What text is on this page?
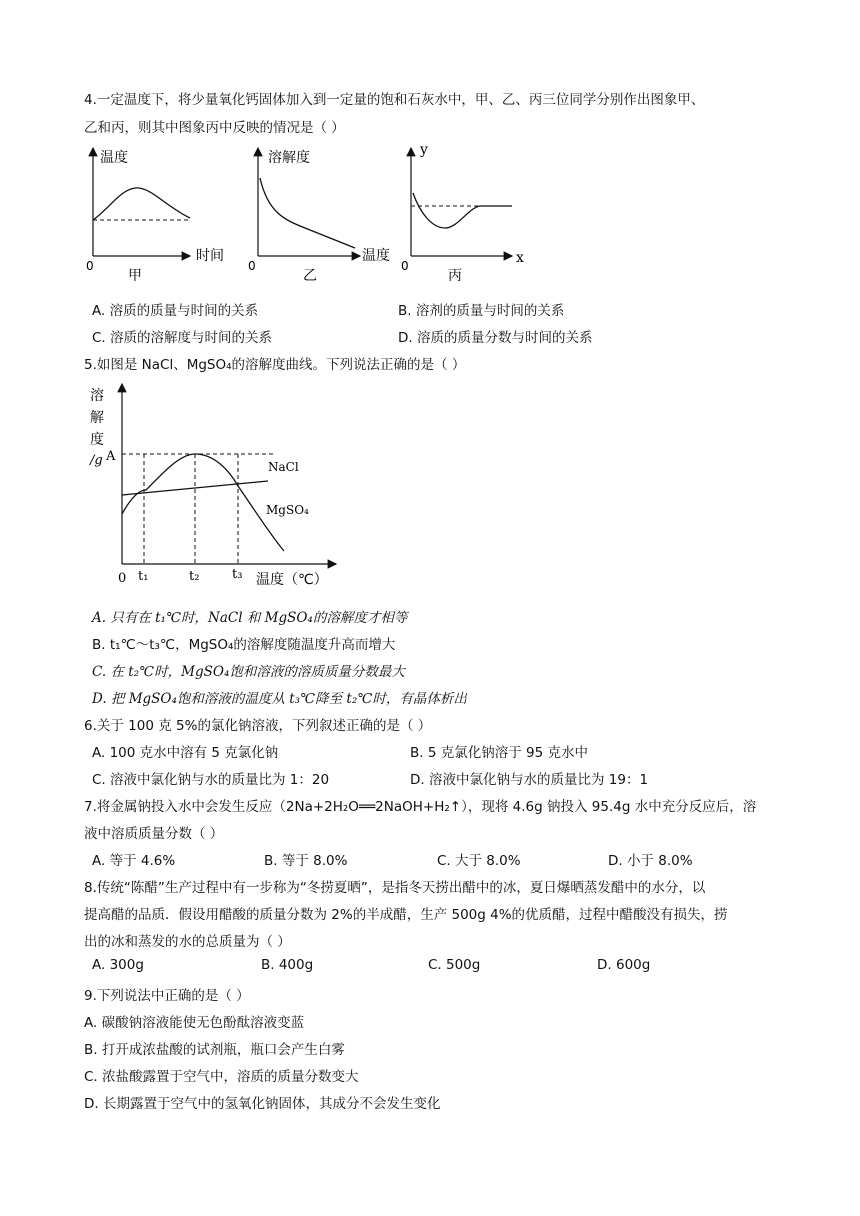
4.一定温度下，将少量氧化钙固体加入到一定量的饱和石灰水中，甲、乙、丙三位同学分别作出图象甲、
乙和丙，则其中图象丙中反映的情况是（ ）
温度
时间
0
甲
溶解度
温度
0
乙
y
x
0
丙
A. 溶质的质量与时间的关系	B. 溶剂的质量与时间的关系
C. 溶质的溶解度与时间的关系	D. 溶质的质量分数与时间的关系
5.如图是 NaCl、MgSO₄的溶解度曲线。下列说法正确的是（ ）
溶
解
度
/g A
NaCl
MgSO₄
0 t₁	t₂	t₃ 温度（℃）
A. 只有在 t₁℃时，NaCl 和 MgSO₄的溶解度才相等
B. t₁℃～t₃℃，MgSO₄的溶解度随温度升高而增大
C. 在 t₂℃时，MgSO₄饱和溶液的溶质质量分数最大
D. 把 MgSO₄饱和溶液的温度从 t₃℃降至 t₂℃时，有晶体析出
6.关于 100 克 5%的氯化钠溶液，下列叙述正确的是（ ）
A. 100 克水中溶有 5 克氯化钠	B. 5 克氯化钠溶于 95 克水中
C. 溶液中氯化钠与水的质量比为 1：20	D. 溶液中氯化钠与水的质量比为 19：1
7.将金属钠投入水中会发生反应（2Na+2H₂O══2NaOH+H₂↑），现将 4.6g 钠投入 95.4g 水中充分反应后，溶
液中溶质质量分数（ ）
A. 等于 4.6%	B. 等于 8.0%	C. 大于 8.0%	D. 小于 8.0%
8.传统“陈醋”生产过程中有一步称为“冬捞夏晒”，是指冬天捞出醋中的冰，夏日爆晒蒸发醋中的水分，以
提高醋的品质．假设用醋酸的质量分数为 2%的半成醋，生产 500g 4%的优质醋，过程中醋酸没有损失，捞
出的冰和蒸发的水的总质量为（ ）
A. 300g	B. 400g	C. 500g	D. 600g
9.下列说法中正确的是（ ）
A. 碳酸钠溶液能使无色酚酞溶液变蓝
B. 打开成浓盐酸的试剂瓶，瓶口会产生白雾
C. 浓盐酸露置于空气中，溶质的质量分数变大
D. 长期露置于空气中的氢氧化钠固体，其成分不会发生变化
